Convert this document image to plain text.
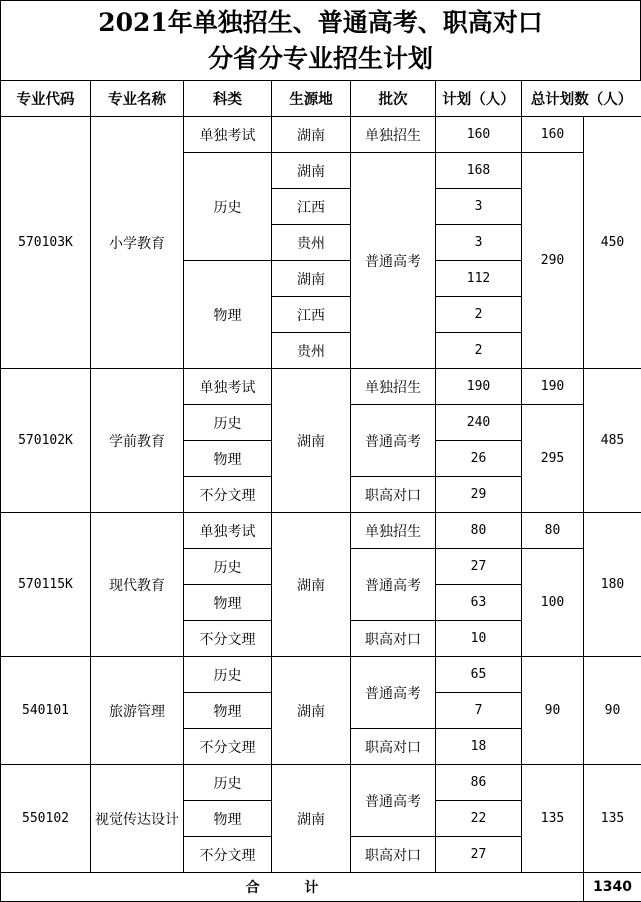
2021年单独招生、普通高考、职高对口
分省分专业招生计划
专业代码	专业名称	科类	生源地	批次	计划（人）	总计划数（人）	
570103K	小学教育	单独考试	湖南	单独招生	160	160	450
		历史	湖南	普通高考	168	290	
			江西		3		
			贵州		3		
		物理	湖南		112		
			江西		2		
			贵州		2		
570102K	学前教育	单独考试	湖南	单独招生	190	190	485
		历史		普通高考	240	295	
		物理			26		
		不分文理		职高对口	29		
570115K	现代教育	单独考试	湖南	单独招生	80	80	180
		历史		普通高考	27	100	
		物理			63		
		不分文理		职高对口	10		
540101	旅游管理	历史	湖南	普通高考	65	90	90
		物理			7		
		不分文理		职高对口	18		
550102	视觉传达设计	历史	湖南	普通高考	86	135	135
		物理			22		
		不分文理		职高对口	27		
合 计							1340
